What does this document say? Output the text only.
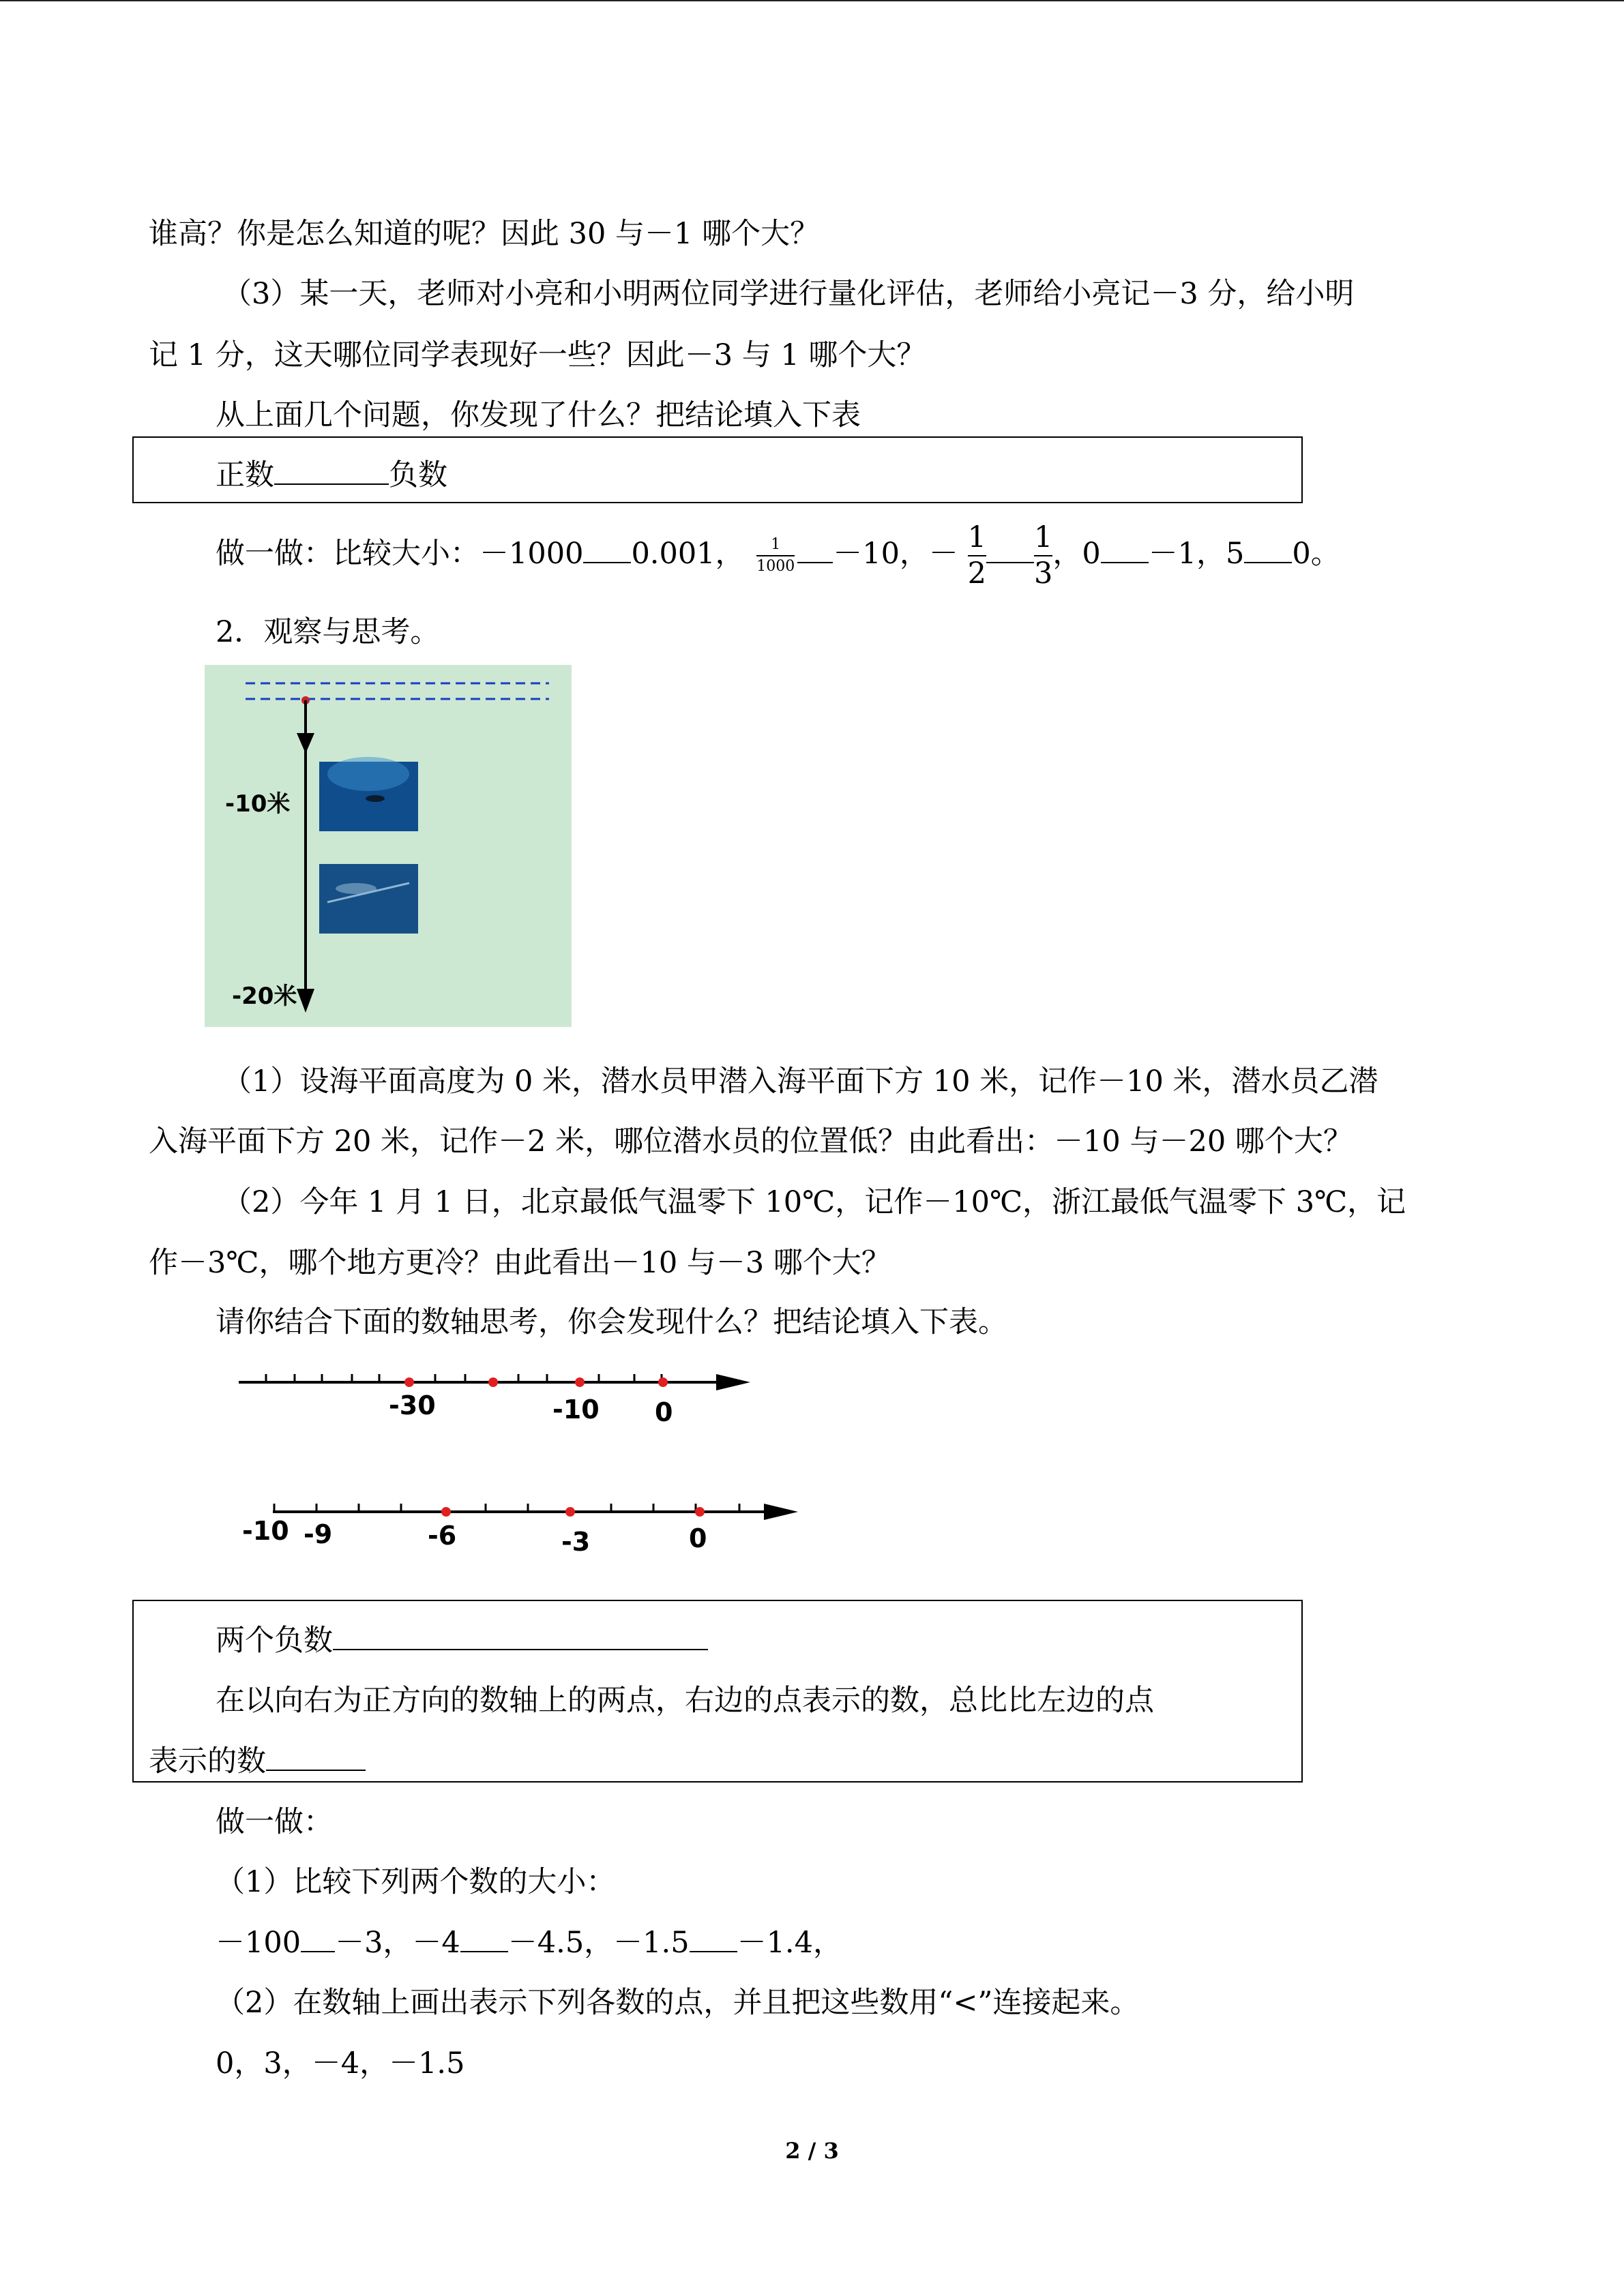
谁高？你是怎么知道的呢？因此 30 与－1 哪个大？
（3）某一天，老师对小亮和小明两位同学进行量化评估，老师给小亮记－3 分，给小明
记 1 分，这天哪位同学表现好一些？因此－3 与 1 哪个大？
从上面几个问题，你发现了什么？把结论填入下表
正数	负数
做一做：比较大小：－1000 0.001， $\frac{1}{1000} -10$，－ $\frac{1}{2} \frac{1}{3}$ ，0 －1，5 0。
2．观察与思考。
-10米
-20米
（1）设海平面高度为 0 米，潜水员甲潜入海平面下方 10 米，记作－10 米，潜水员乙潜
入海平面下方 20 米，记作－2 米，哪位潜水员的位置低？由此看出：－10 与－20 哪个大？
（2）今年 1 月 1 日，北京最低气温零下 10℃，记作－10℃，浙江最低气温零下 3℃，记
作－3℃，哪个地方更冷？由此看出－10 与－3 哪个大？
请你结合下面的数轴思考，你会发现什么？把结论填入下表。
-30	-10 0
-10 -9	-6	-3	0
两个负数
在以向右为正方向的数轴上的两点，右边的点表示的数，总比比左边的点
表示的数
做一做：
（1）比较下列两个数的大小：
－100 －3，－4 －4.5，－1.5 －1.4，
（2）在数轴上画出表示下列各数的点，并且把这些数用“<”连接起来。
0，3，－4，－1.5
2 / 3
